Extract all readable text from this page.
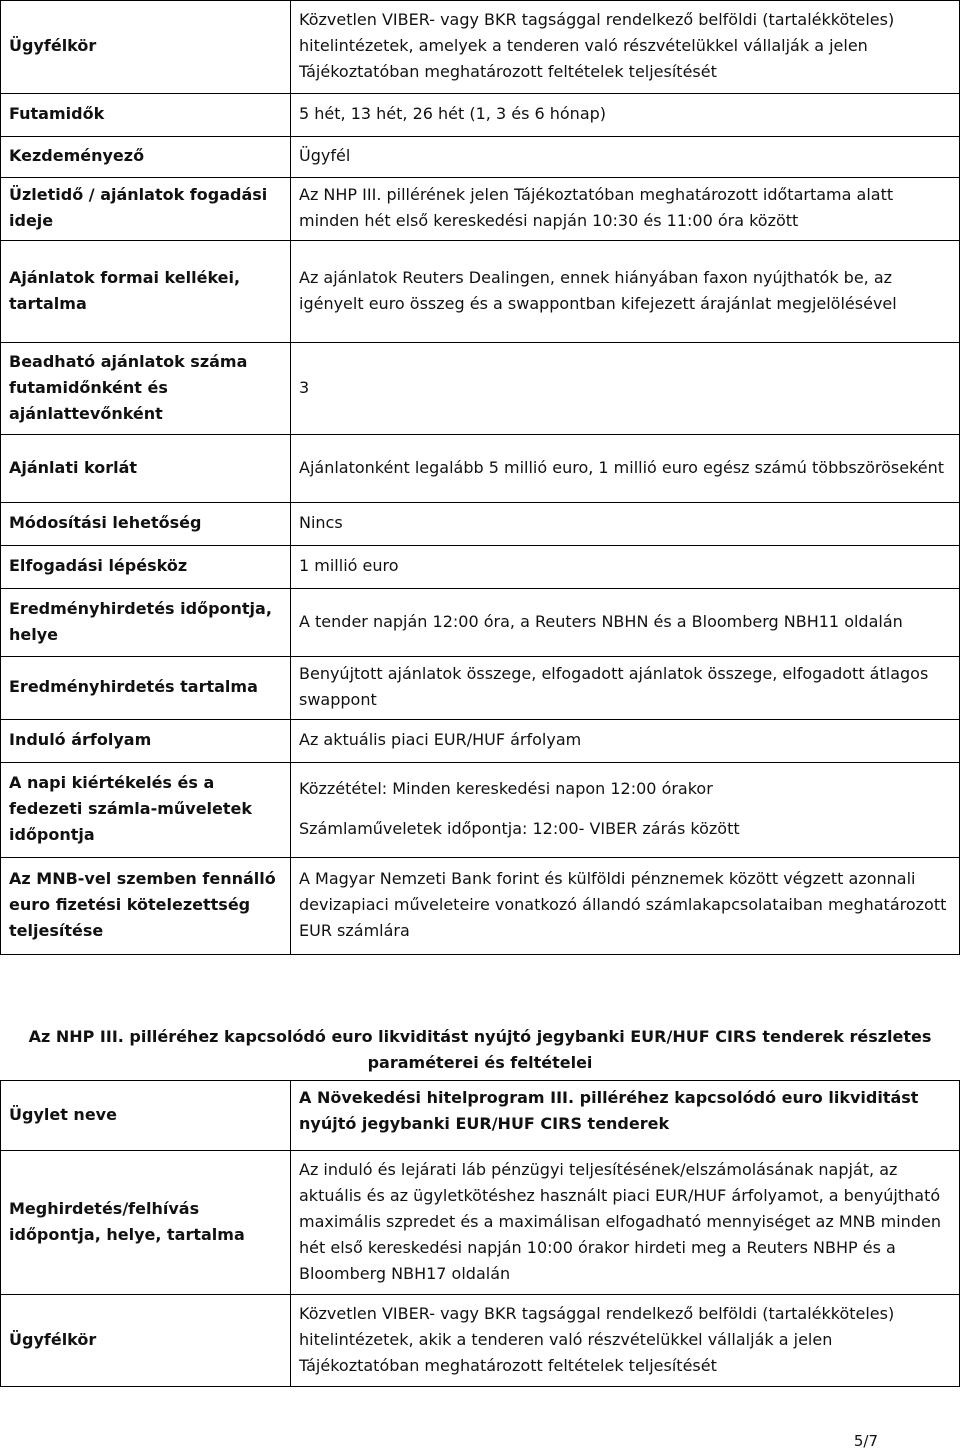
Ügyfélkör	Közvetlen VIBER- vagy BKR tagsággal rendelkező belföldi (tartalékköteles) hitelintézetek, amelyek a tenderen való részvételükkel vállalják a jelen Tájékoztatóban meghatározott feltételek teljesítését
Futamidők	5 hét, 13 hét, 26 hét (1, 3 és 6 hónap)
Kezdeményező	Ügyfél
Üzletidő / ajánlatok fogadási ideje	Az NHP III. pillérének jelen Tájékoztatóban meghatározott időtartama alatt minden hét első kereskedési napján 10:30 és 11:00 óra között
Ajánlatok formai kellékei, tartalma	Az ajánlatok Reuters Dealingen, ennek hiányában faxon nyújthatók be, az igényelt euro összeg és a swappontban kifejezett árajánlat megjelölésével
Beadható ajánlatok száma futamidőnként és ajánlattevőnként	3
Ajánlati korlát	Ajánlatonként legalább 5 millió euro, 1 millió euro egész számú többszöröseként
Módosítási lehetőség	Nincs
Elfogadási lépésköz	1 millió euro
Eredményhirdetés időpontja, helye	A tender napján 12:00 óra, a Reuters NBHN és a Bloomberg NBH11 oldalán
Eredményhirdetés tartalma	Benyújtott ajánlatok összege, elfogadott ajánlatok összege, elfogadott átlagos swappont
Induló árfolyam	Az aktuális piaci EUR/HUF árfolyam
A napi kiértékelés és a fedezeti számla-műveletek időpontja	Közzététel: Minden kereskedési napon 12:00 órakor
Számlaműveletek időpontja: 12:00- VIBER zárás között

Az MNB-vel szemben fennálló euro fizetési kötelezettség teljesítése	A Magyar Nemzeti Bank forint és külföldi pénznemek között végzett azonnali devizapiaci műveleteire vonatkozó állandó számlakapcsolataiban meghatározott EUR számlára
Az NHP III. pilléréhez kapcsolódó euro likviditást nyújtó jegybanki EUR/HUF CIRS tenderek részletes paraméterei és feltételei
Ügylet neve	A Növekedési hitelprogram III. pilléréhez kapcsolódó euro likviditást nyújtó jegybanki EUR/HUF CIRS tenderek
Meghirdetés/felhívás időpontja, helye, tartalma	Az induló és lejárati láb pénzügyi teljesítésének/elszámolásának napját, az aktuális és az ügyletkötéshez használt piaci EUR/HUF árfolyamot, a benyújtható maximális szpredet és a maximálisan elfogadható mennyiséget az MNB minden hét első kereskedési napján 10:00 órakor hirdeti meg a Reuters NBHP és a Bloomberg NBH17 oldalán
Ügyfélkör	Közvetlen VIBER- vagy BKR tagsággal rendelkező belföldi (tartalékköteles) hitelintézetek, akik a tenderen való részvételükkel vállalják a jelen Tájékoztatóban meghatározott feltételek teljesítését
5/7
